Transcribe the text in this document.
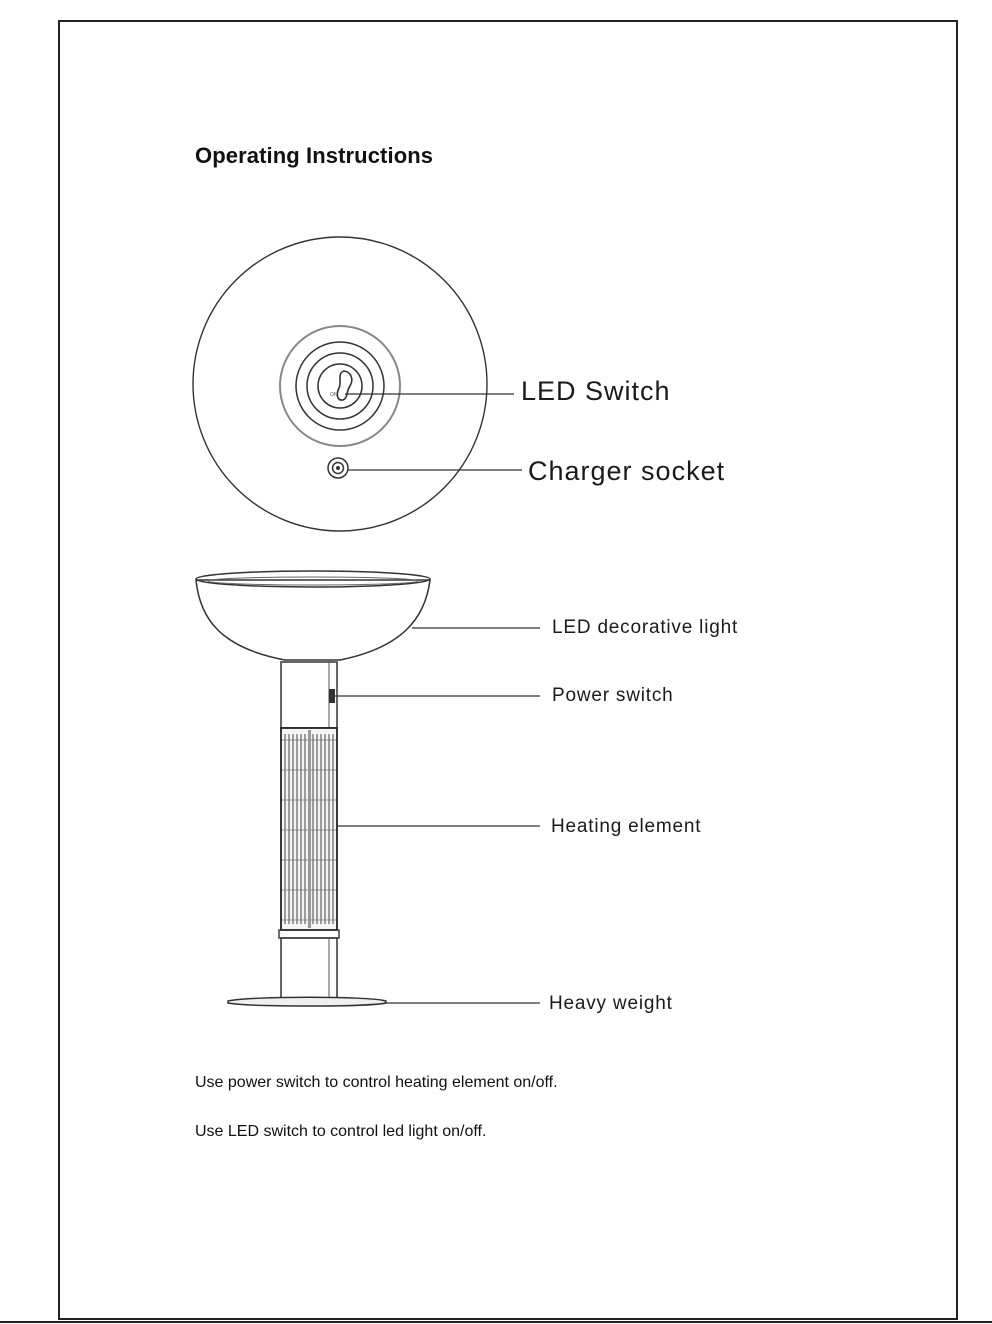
Operating Instructions
ON	LED Switch
Charger socket
LED decorative light
Power switch
Heating element
Heavy weight
Use power switch to control heating element on/off.
Use LED switch to control led light on/off.
